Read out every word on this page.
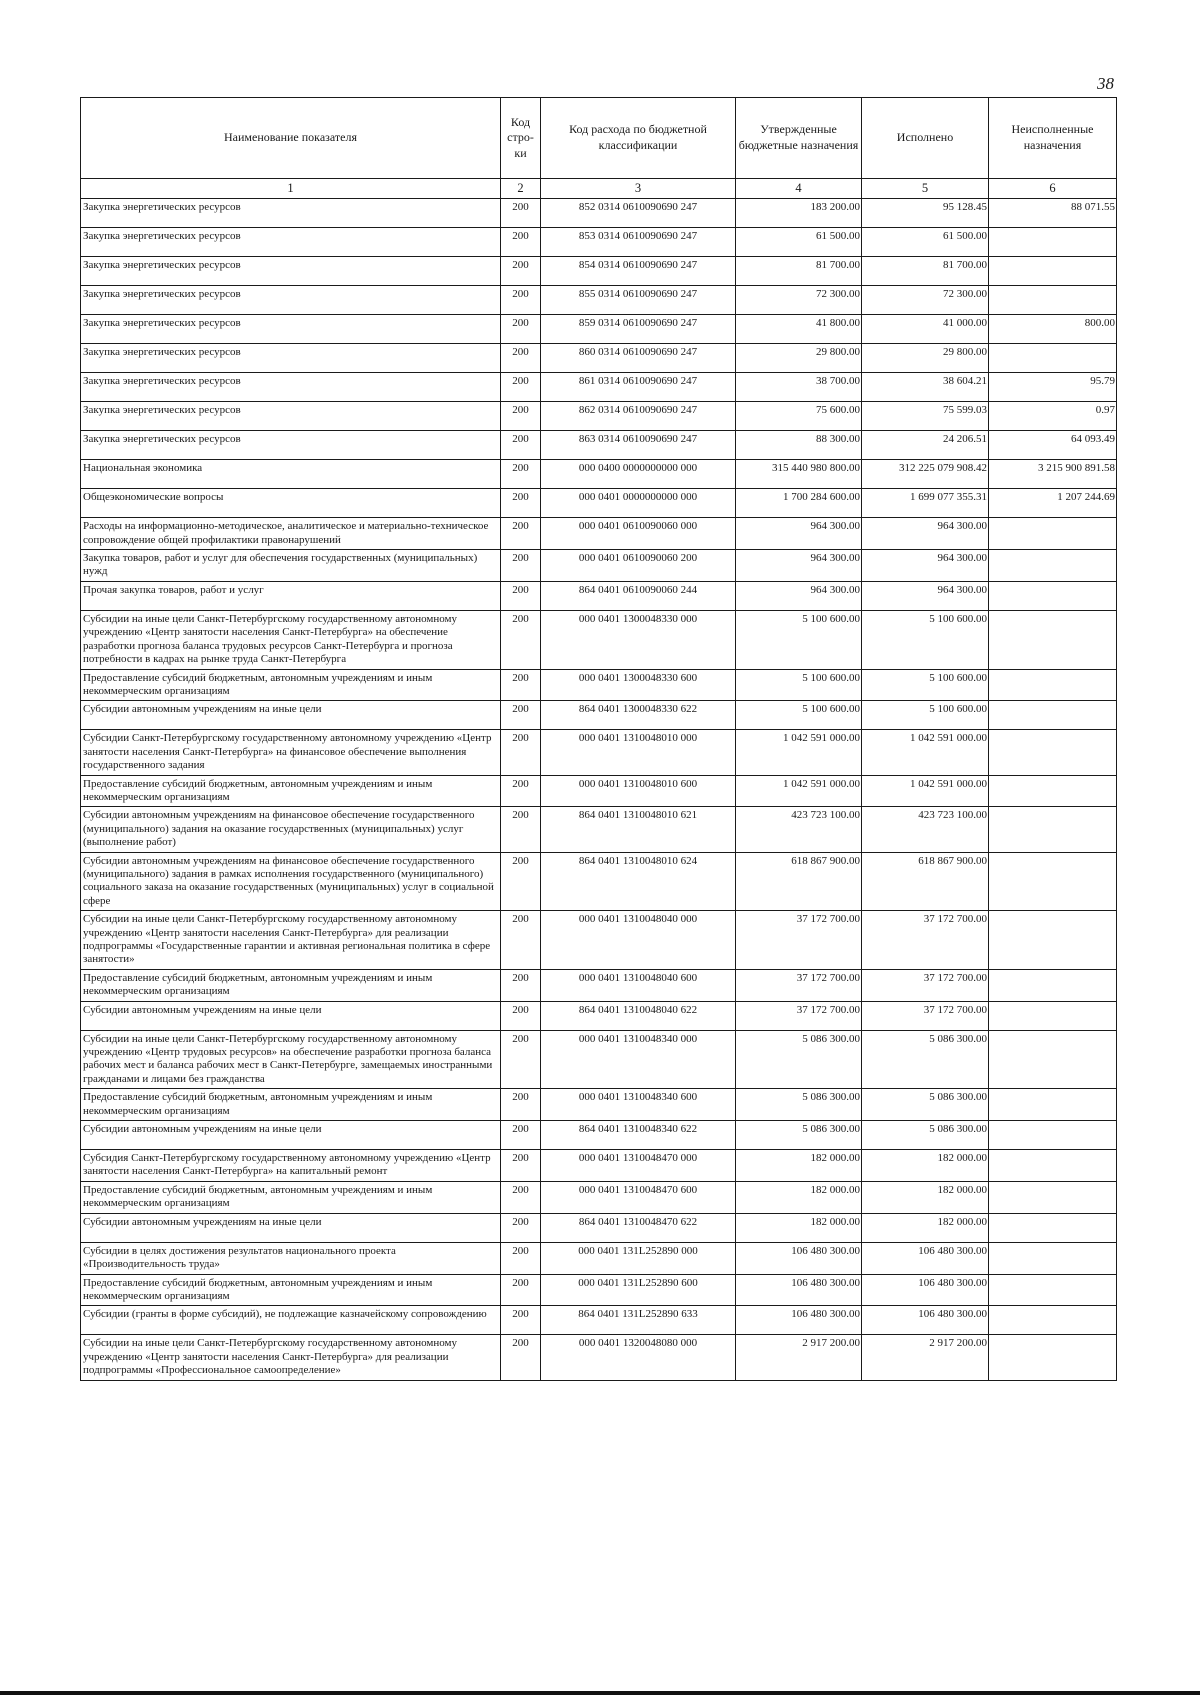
38
Наименование показателя	Код стро-ки	Код расхода по бюджетной классификации	Утвержденные бюджетные назначения	Исполнено	Неисполненные назначения
1	2	3	4	5	6
Закупка энергетических ресурсов	200	852 0314 0610090690 247	183 200.00	95 128.45	88 071.55
Закупка энергетических ресурсов	200	853 0314 0610090690 247	61 500.00	61 500.00	
Закупка энергетических ресурсов	200	854 0314 0610090690 247	81 700.00	81 700.00	
Закупка энергетических ресурсов	200	855 0314 0610090690 247	72 300.00	72 300.00	
Закупка энергетических ресурсов	200	859 0314 0610090690 247	41 800.00	41 000.00	800.00
Закупка энергетических ресурсов	200	860 0314 0610090690 247	29 800.00	29 800.00	
Закупка энергетических ресурсов	200	861 0314 0610090690 247	38 700.00	38 604.21	95.79
Закупка энергетических ресурсов	200	862 0314 0610090690 247	75 600.00	75 599.03	0.97
Закупка энергетических ресурсов	200	863 0314 0610090690 247	88 300.00	24 206.51	64 093.49
Национальная экономика	200	000 0400 0000000000 000	315 440 980 800.00	312 225 079 908.42	3 215 900 891.58
Общеэкономические вопросы	200	000 0401 0000000000 000	1 700 284 600.00	1 699 077 355.31	1 207 244.69
Расходы на информационно-методическое, аналитическое и материально-техническое сопровождение общей профилактики правонарушений	200	000 0401 0610090060 000	964 300.00	964 300.00	
Закупка товаров, работ и услуг для обеспечения государственных (муниципальных) нужд	200	000 0401 0610090060 200	964 300.00	964 300.00	
Прочая закупка товаров, работ и услуг	200	864 0401 0610090060 244	964 300.00	964 300.00	
Субсидии на иные цели Санкт-Петербургскому государственному автономному учреждению «Центр занятости населения Санкт-Петербурга» на обеспечение разработки прогноза баланса трудовых ресурсов Санкт-Петербурга и прогноза потребности в кадрах на рынке труда Санкт-Петербурга	200	000 0401 1300048330 000	5 100 600.00	5 100 600.00	
Предоставление субсидий бюджетным, автономным учреждениям и иным некоммерческим организациям	200	000 0401 1300048330 600	5 100 600.00	5 100 600.00	
Субсидии автономным учреждениям на иные цели	200	864 0401 1300048330 622	5 100 600.00	5 100 600.00	
Субсидии Санкт-Петербургскому государственному автономному учреждению «Центр занятости населения Санкт-Петербурга» на финансовое обеспечение выполнения государственного задания	200	000 0401 1310048010 000	1 042 591 000.00	1 042 591 000.00	
Предоставление субсидий бюджетным, автономным учреждениям и иным некоммерческим организациям	200	000 0401 1310048010 600	1 042 591 000.00	1 042 591 000.00	
Субсидии автономным учреждениям на финансовое обеспечение государственного (муниципального) задания на оказание государственных (муниципальных) услуг (выполнение работ)	200	864 0401 1310048010 621	423 723 100.00	423 723 100.00	
Субсидии автономным учреждениям на финансовое обеспечение государственного (муниципального) задания в рамках исполнения государственного (муниципального) социального заказа на оказание государственных (муниципальных) услуг в социальной сфере	200	864 0401 1310048010 624	618 867 900.00	618 867 900.00	
Субсидии на иные цели Санкт-Петербургскому государственному автономному учреждению «Центр занятости населения Санкт-Петербурга» для реализации подпрограммы «Государственные гарантии и активная региональная политика в сфере занятости»	200	000 0401 1310048040 000	37 172 700.00	37 172 700.00	
Предоставление субсидий бюджетным, автономным учреждениям и иным некоммерческим организациям	200	000 0401 1310048040 600	37 172 700.00	37 172 700.00	
Субсидии автономным учреждениям на иные цели	200	864 0401 1310048040 622	37 172 700.00	37 172 700.00	
Субсидии на иные цели Санкт-Петербургскому государственному автономному учреждению «Центр трудовых ресурсов» на обеспечение разработки прогноза баланса рабочих мест и баланса рабочих мест в Санкт-Петербурге, замещаемых иностранными гражданами и лицами без гражданства	200	000 0401 1310048340 000	5 086 300.00	5 086 300.00	
Предоставление субсидий бюджетным, автономным учреждениям и иным некоммерческим организациям	200	000 0401 1310048340 600	5 086 300.00	5 086 300.00	
Субсидии автономным учреждениям на иные цели	200	864 0401 1310048340 622	5 086 300.00	5 086 300.00	
Субсидия Санкт-Петербургскому государственному автономному учреждению «Центр занятости населения Санкт-Петербурга» на капитальный ремонт	200	000 0401 1310048470 000	182 000.00	182 000.00	
Предоставление субсидий бюджетным, автономным учреждениям и иным некоммерческим организациям	200	000 0401 1310048470 600	182 000.00	182 000.00	
Субсидии автономным учреждениям на иные цели	200	864 0401 1310048470 622	182 000.00	182 000.00	
Субсидии в целях достижения результатов национального проекта «Производительность труда»	200	000 0401 131L252890 000	106 480 300.00	106 480 300.00	
Предоставление субсидий бюджетным, автономным учреждениям и иным некоммерческим организациям	200	000 0401 131L252890 600	106 480 300.00	106 480 300.00	
Субсидии (гранты в форме субсидий), не подлежащие казначейскому сопровождению	200	864 0401 131L252890 633	106 480 300.00	106 480 300.00	
Субсидии на иные цели Санкт-Петербургскому государственному автономному учреждению «Центр занятости населения Санкт-Петербурга» для реализации подпрограммы «Профессиональное самоопределение»	200	000 0401 1320048080 000	2 917 200.00	2 917 200.00	
